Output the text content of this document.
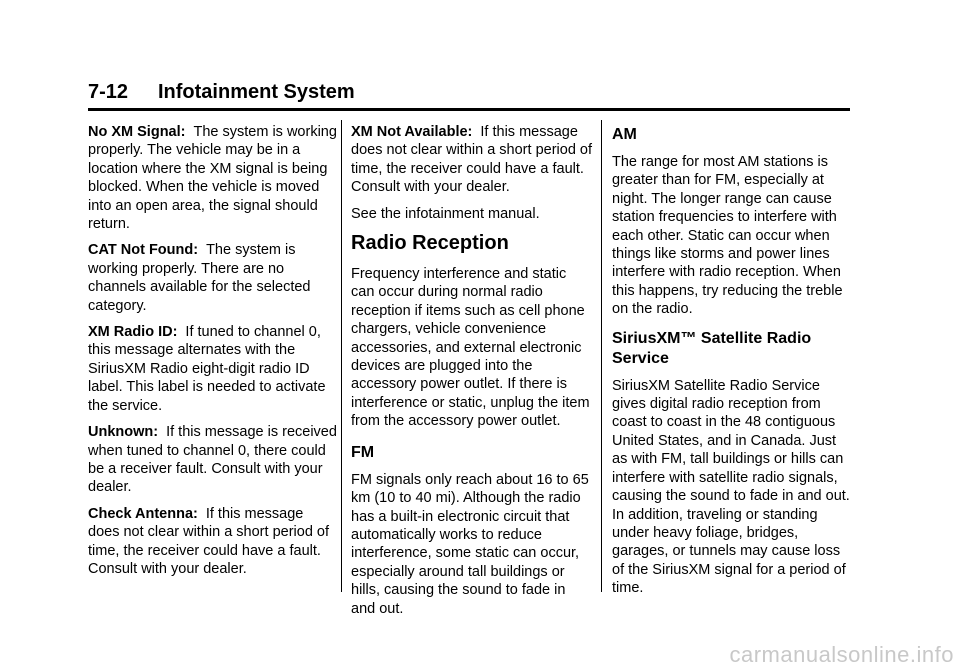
7-12 Infotainment System

No XM Signal: The system is working properly. The vehicle may be in a location where the XM signal is being blocked. When the vehicle is moved into an open area, the signal should return.

CAT Not Found: The system is working properly. There are no channels available for the selected category.

XM Radio ID: If tuned to channel 0, this message alternates with the SiriusXM Radio eight-digit radio ID label. This label is needed to activate the service.

Unknown: If this message is received when tuned to channel 0, there could be a receiver fault. Consult with your dealer.

Check Antenna: If this message does not clear within a short period of time, the receiver could have a fault. Consult with your dealer.

XM Not Available: If this message does not clear within a short period of time, the receiver could have a fault. Consult with your dealer.

See the infotainment manual.

Radio Reception

Frequency interference and static can occur during normal radio reception if items such as cell phone chargers, vehicle convenience accessories, and external electronic devices are plugged into the accessory power outlet. If there is interference or static, unplug the item from the accessory power outlet.

FM

FM signals only reach about 16 to 65 km (10 to 40 mi). Although the radio has a built-in electronic circuit that automatically works to reduce interference, some static can occur, especially around tall buildings or hills, causing the sound to fade in and out.

AM

The range for most AM stations is greater than for FM, especially at night. The longer range can cause station frequencies to interfere with each other. Static can occur when things like storms and power lines interfere with radio reception. When this happens, try reducing the treble on the radio.

SiriusXM™ Satellite Radio Service

SiriusXM Satellite Radio Service gives digital radio reception from coast to coast in the 48 contiguous United States, and in Canada. Just as with FM, tall buildings or hills can interfere with satellite radio signals, causing the sound to fade in and out. In addition, traveling or standing under heavy foliage, bridges, garages, or tunnels may cause loss of the SiriusXM signal for a period of time.

carmanualsonline.info
